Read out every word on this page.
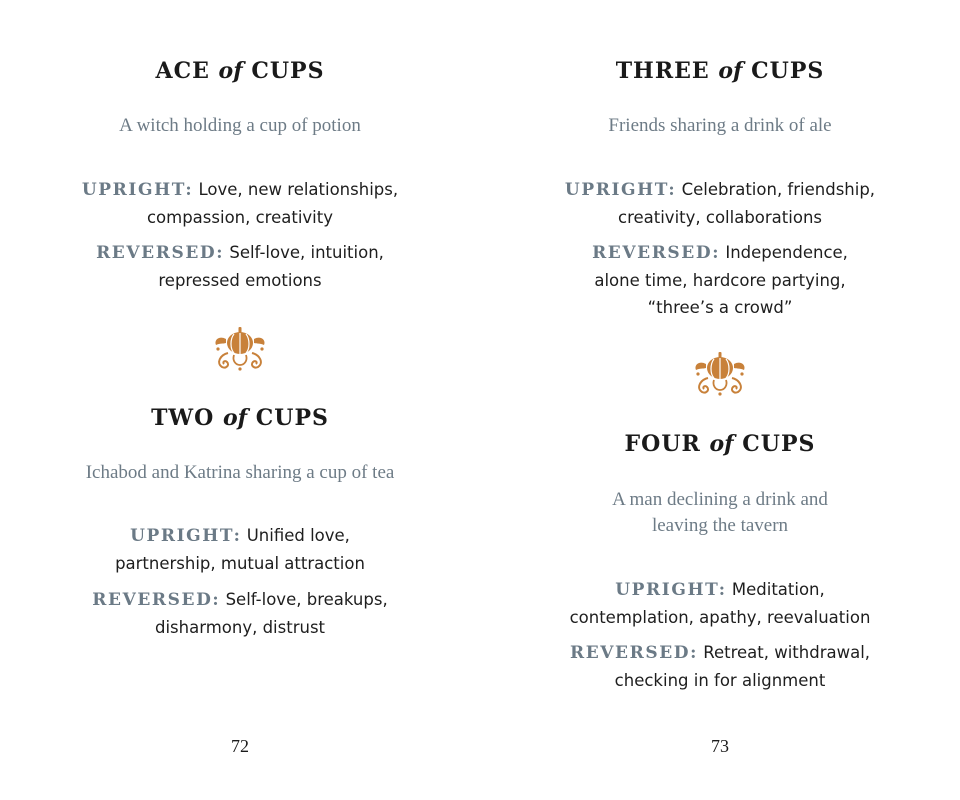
ACE of CUPS

A witch holding a cup of potion

UPRIGHT: Love, new relationships,
compassion, creativity

REVERSED: Self-love, intuition,
repressed emotions

TWO of CUPS

Ichabod and Katrina sharing a cup of tea

UPRIGHT: Unified love,
partnership, mutual attraction

REVERSED: Self-love, breakups,
disharmony, distrust

72
THREE of CUPS

Friends sharing a drink of ale

UPRIGHT: Celebration, friendship,
creativity, collaborations

REVERSED: Independence,
alone time, hardcore partying,
“three’s a crowd”

FOUR of CUPS

A man declining a drink and
leaving the tavern

UPRIGHT: Meditation,
contemplation, apathy, reevaluation

REVERSED: Retreat, withdrawal,
checking in for alignment

73
